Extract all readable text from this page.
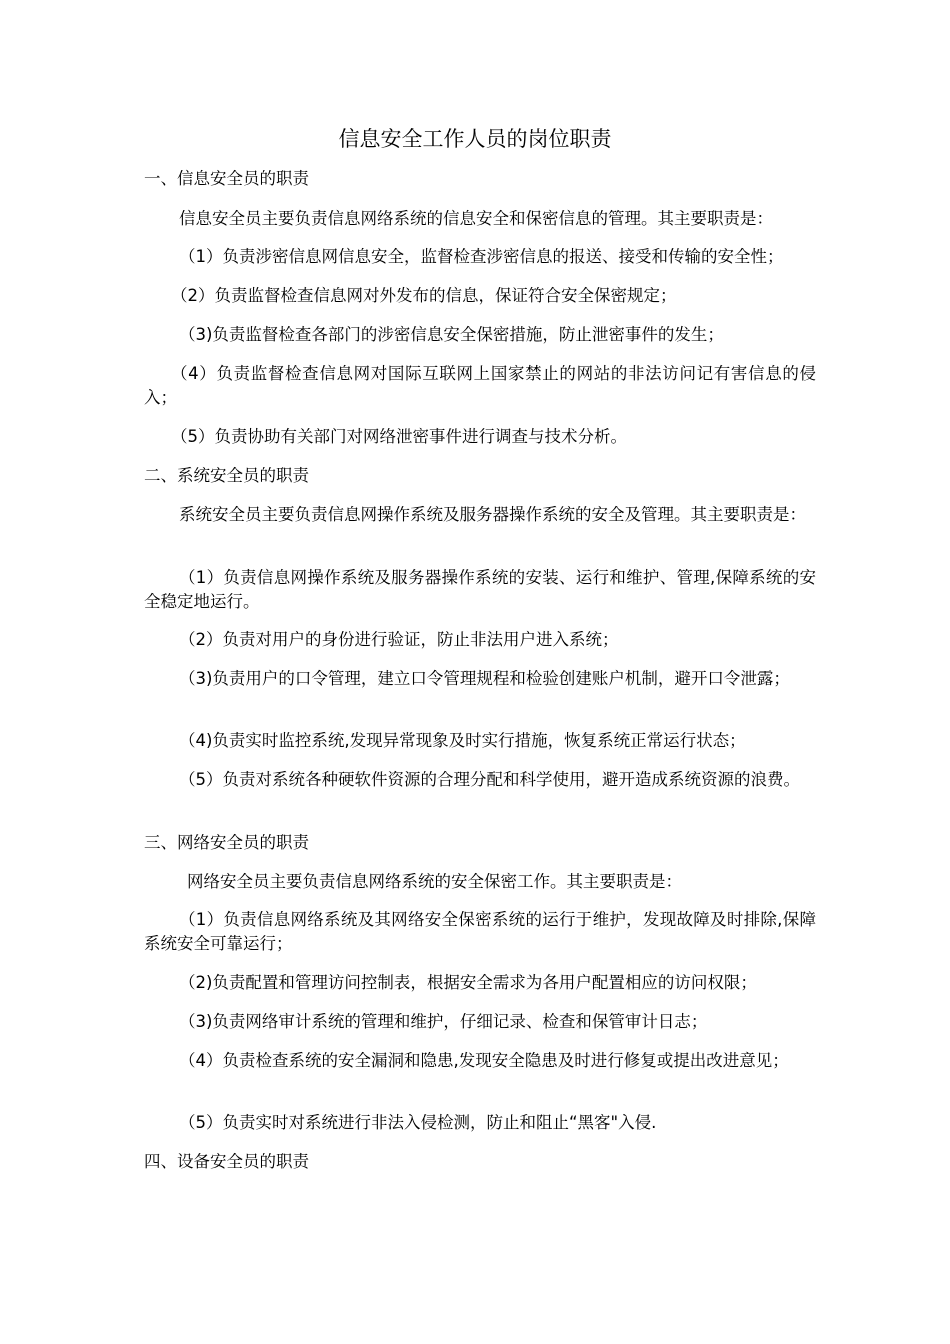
信息安全工作人员的岗位职责
一、信息安全员的职责
信息安全员主要负责信息网络系统的信息安全和保密信息的管理。其主要职责是：
（1）负责涉密信息网信息安全，监督检查涉密信息的报送、接受和传输的安全性；
（2）负责监督检查信息网对外发布的信息，保证符合安全保密规定；
（3)负责监督检查各部门的涉密信息安全保密措施，防止泄密事件的发生；
（4）负责监督检查信息网对国际互联网上国家禁止的网站的非法访问记有害信息的侵入；
（5）负责协助有关部门对网络泄密事件进行调查与技术分析。
二、系统安全员的职责
系统安全员主要负责信息网操作系统及服务器操作系统的安全及管理。其主要职责是：
（1）负责信息网操作系统及服务器操作系统的安装、运行和维护、管理,保障系统的安全稳定地运行。
（2）负责对用户的身份进行验证，防止非法用户进入系统；
（3)负责用户的口令管理，建立口令管理规程和检验创建账户机制，避开口令泄露；
（4)负责实时监控系统,发现异常现象及时实行措施，恢复系统正常运行状态；
（5）负责对系统各种硬软件资源的合理分配和科学使用，避开造成系统资源的浪费。
三、网络安全员的职责
网络安全员主要负责信息网络系统的安全保密工作。其主要职责是：
（1）负责信息网络系统及其网络安全保密系统的运行于维护，发现故障及时排除,保障系统安全可靠运行；
（2)负责配置和管理访问控制表，根据安全需求为各用户配置相应的访问权限；
（3)负责网络审计系统的管理和维护，仔细记录、检查和保管审计日志；
（4）负责检查系统的安全漏洞和隐患,发现安全隐患及时进行修复或提出改进意见；
（5）负责实时对系统进行非法入侵检测，防止和阻止“黑客"入侵.
四、设备安全员的职责
